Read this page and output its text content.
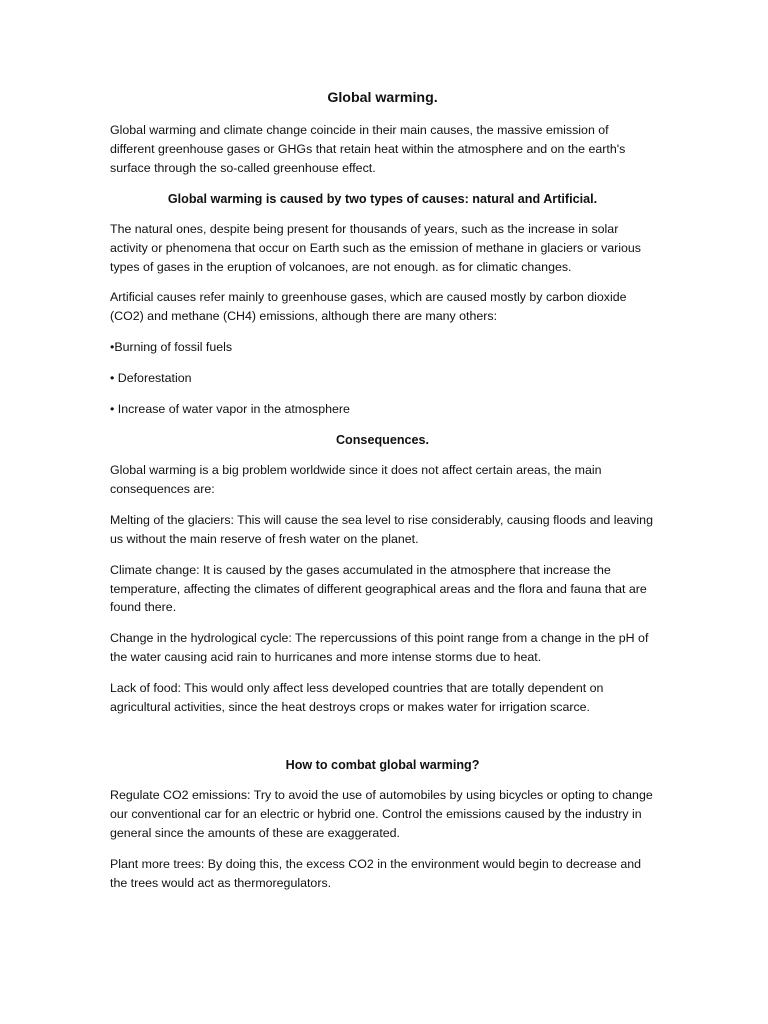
Global warming.

Global warming and climate change coincide in their main causes, the massive emission of different greenhouse gases or GHGs that retain heat within the atmosphere and on the earth's surface through the so-called greenhouse effect.

Global warming is caused by two types of causes: natural and Artificial.

The natural ones, despite being present for thousands of years, such as the increase in solar activity or phenomena that occur on Earth such as the emission of methane in glaciers or various types of gases in the eruption of volcanoes, are not enough. as for climatic changes.

Artificial causes refer mainly to greenhouse gases, which are caused mostly by carbon dioxide (CO2) and methane (CH4) emissions, although there are many others:

•Burning of fossil fuels

• Deforestation

• Increase of water vapor in the atmosphere

Consequences.

Global warming is a big problem worldwide since it does not affect certain areas, the main consequences are:

Melting of the glaciers: This will cause the sea level to rise considerably, causing floods and leaving us without the main reserve of fresh water on the planet.

Climate change: It is caused by the gases accumulated in the atmosphere that increase the temperature, affecting the climates of different geographical areas and the flora and fauna that are found there.

Change in the hydrological cycle: The repercussions of this point range from a change in the pH of the water causing acid rain to hurricanes and more intense storms due to heat.

Lack of food: This would only affect less developed countries that are totally dependent on agricultural activities, since the heat destroys crops or makes water for irrigation scarce.

How to combat global warming?

Regulate CO2 emissions: Try to avoid the use of automobiles by using bicycles or opting to change our conventional car for an electric or hybrid one. Control the emissions caused by the industry in general since the amounts of these are exaggerated.

Plant more trees: By doing this, the excess CO2 in the environment would begin to decrease and the trees would act as thermoregulators.
